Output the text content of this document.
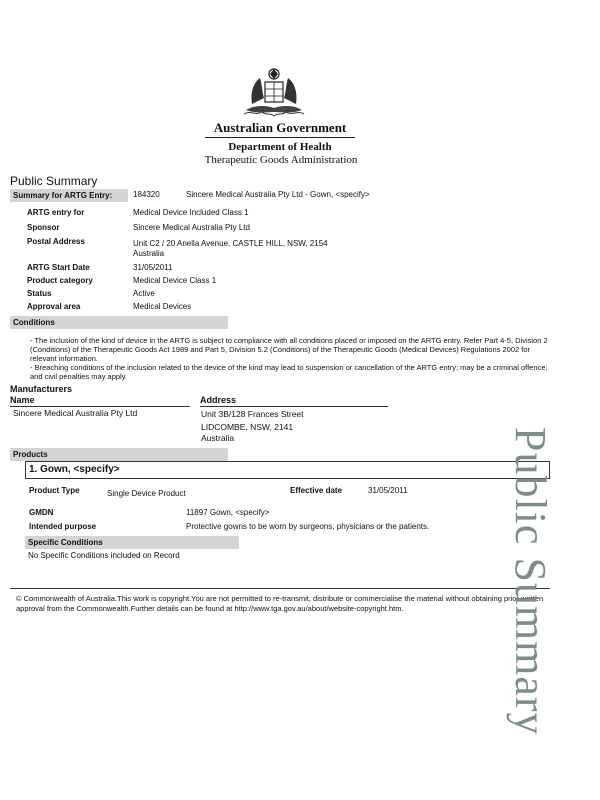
Australian Government
Department of Health
Therapeutic Goods Administration
Public Summary
Summary for ARTG Entry:	184320	Sincere Medical Australia Pty Ltd - Gown, <specify>
ARTG entry for	Medical Device Included Class 1
Sponsor	Sincere Medical Australia Pty Ltd
Postal Address	Unit C2 / 20 Anella Avenue, CASTLE HILL, NSW, 2154
Australia
ARTG Start Date	31/05/2011
Product category	Medical Device Class 1
Status	Active
Approval area	Medical Devices
Conditions
- The inclusion of the kind of device in the ARTG is subject to compliance with all conditions placed or imposed on the ARTG entry. Refer Part 4-5, Division 2 (Conditions) of the Therapeutic Goods Act 1989 and Part 5, Division 5.2 (Conditions) of the Therapeutic Goods (Medical Devices) Regulations 2002 for relevant information.
- Breaching conditions of the inclusion related to the device of the kind may lead to suspension or cancellation of the ARTG entry; may be a criminal offence; and civil penalties may apply.
Manufacturers
Name	Address
Sincere Medical Australia Pty Ltd	Unit 3B/128 Frances Street
LIDCOMBE, NSW, 2141
Australia
Products
1. Gown, <specify>
Product Type	Single Device Product	Effective date	31/05/2011
GMDN	11897 Gown, <specify>
Intended purpose	Protective gowns to be worn by surgeons, physicians or the patients.
Specific Conditions
No Specific Conditions included on Record
© Commonwealth of Australia.This work is copyright.You are not permitted to re-transmit, distribute or commercialise the material without obtaining prior written approval from the Commonwealth.Further details can be found at http://www.tga.gov.au/about/website-copyright.htm.	Public Summary
